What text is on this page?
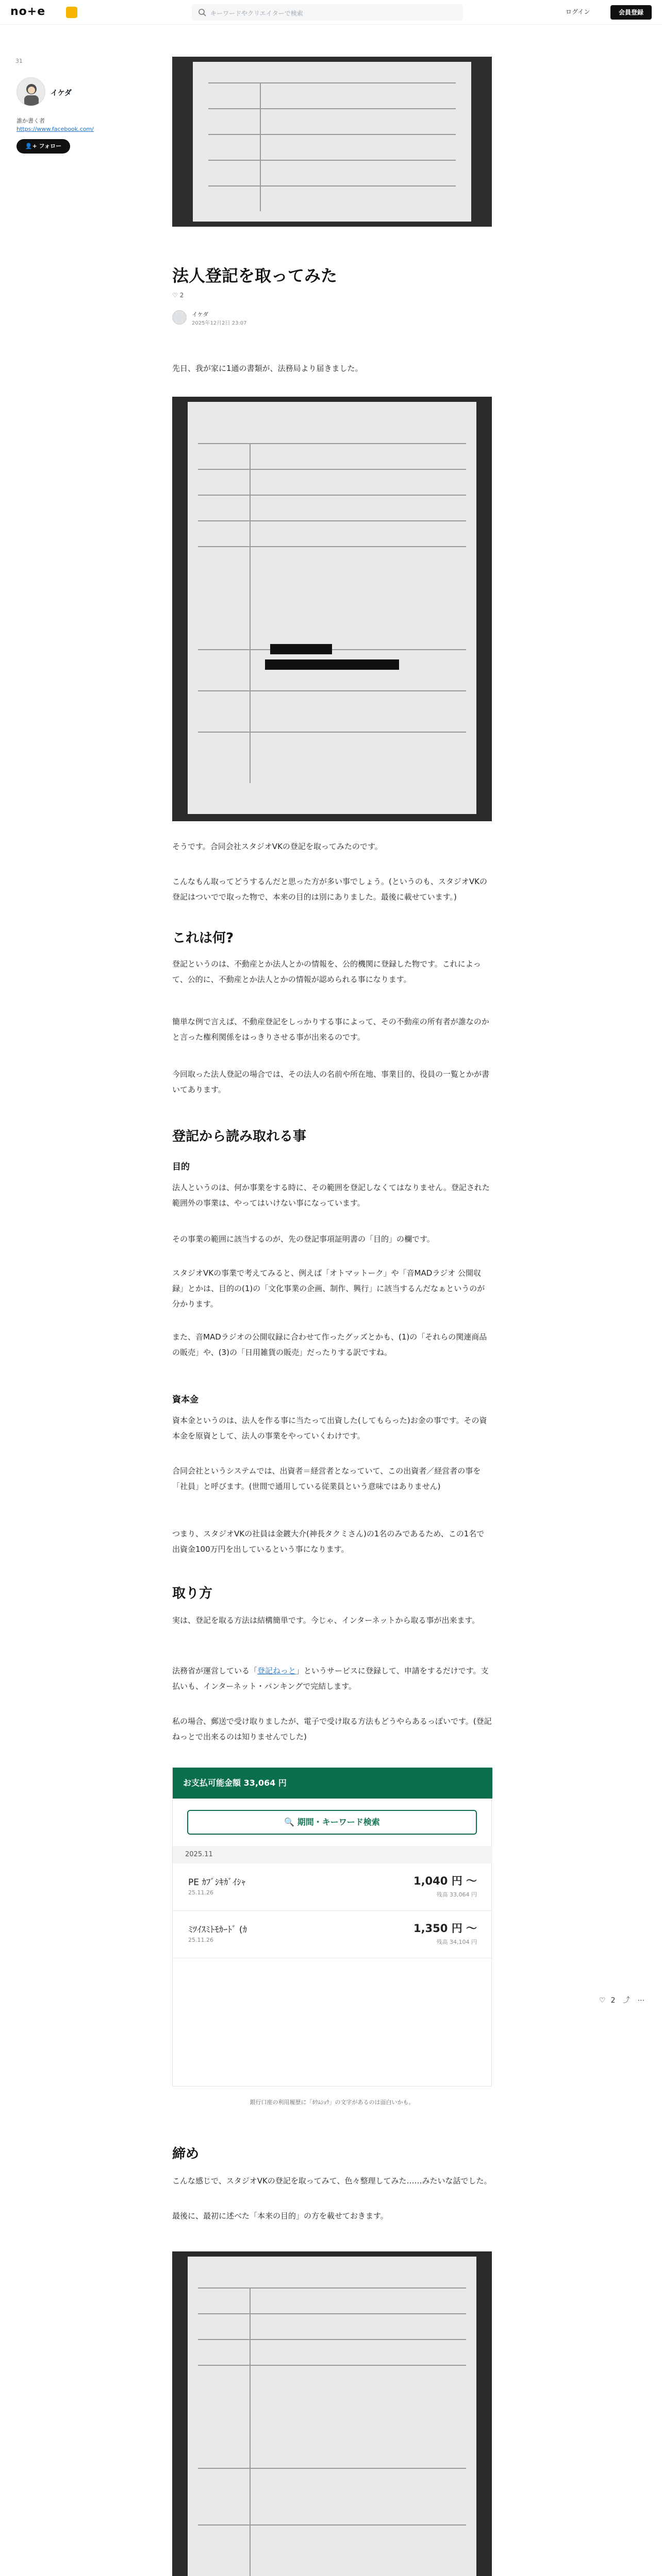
no+e	キーワードやクリエイターで検索	ログイン	会員登録
31
イケダ
誰か書く者
https://www.facebook.com/
👤+ フォロー
法人登記を取ってみた
♡ 2
イケダ
2025年12月2日 23:07
先日、我が家に1通の書類が、法務局より届きました。
そうです。合同会社スタジオVKの登記を取ってみたのです。
こんなもん取ってどうするんだと思った方が多い事でしょう。(というのも、スタジオVKの登記はついでで取った物で、本来の目的は別にありました。最後に載せています。)
これは何?
登記というのは、不動産とか法人とかの情報を、公的機関に登録した物です。これによって、公的に、不動産とか法人とかの情報が認められる事になります。
簡単な例で言えば、不動産登記をしっかりする事によって、その不動産の所有者が誰なのかと言った権利関係をはっきりさせる事が出来るのです。
今回取った法人登記の場合では、その法人の名前や所在地、事業目的、役員の一覧とかが書いてあります。
登記から読み取れる事
目的
法人というのは、何か事業をする時に、その範囲を登記しなくてはなりません。登記された範囲外の事業は、やってはいけない事になっています。
その事業の範囲に該当するのが、先の登記事項証明書の「目的」の欄です。
スタジオVKの事業で考えてみると、例えば「オトマットーク」や「音MADラジオ 公開収録」とかは、目的の(1)の「文化事業の企画、制作、興行」に該当するんだなぁというのが分かります。
また、音MADラジオの公開収録に合わせて作ったグッズとかも、(1)の「それらの関連商品の販売」や、(3)の「日用雑貨の販売」だったりする訳ですね。
資本金
資本金というのは、法人を作る事に当たって出資した(してもらった)お金の事です。その資本金を原資として、法人の事業をやっていくわけです。
合同会社というシステムでは、出資者＝経営者となっていて、この出資者／経営者の事を「社員」と呼びます。(世間で通用している従業員という意味ではありません)
つまり、スタジオVKの社員は金鍍大介(神長タクミさん)の1名のみであるため、この1名で出資金100万円を出しているという事になります。
取り方
実は、登記を取る方法は結構簡単です。今じゃ、インターネットから取る事が出来ます。
法務省が運営している「登記ねっと」というサービスに登録して、申請をするだけです。支払いも、インターネット・バンキングで完結します。
私の場合、郵送で受け取りましたが、電子で受け取る方法もどうやらあるっぽいです。(登記ねっとで出来るのは知りませんでした)
お支払可能金額 33,064 円
🔍 期間・キーワード検索
2025.11
PE ｶﾌﾞｼｷｶﾞｲｼｬ
25.11.26
1,040 円 ～
残高 33,064 円
ﾐﾂｲｽﾐﾄﾓｶｰﾄﾞ (ｶ
25.11.26
1,350 円 ～
残高 34,104 円
銀行口座の利用履歴に「ﾎｳﾑｼｮｳ」の文字があるのは面白いかも。
締め
こんな感じで、スタジオVKの登記を取ってみて、色々整理してみた……みたいな話でした。
最後に、最初に述べた「本来の目的」の方を載せておきます。
♡ 2 ⤴ ⋯
